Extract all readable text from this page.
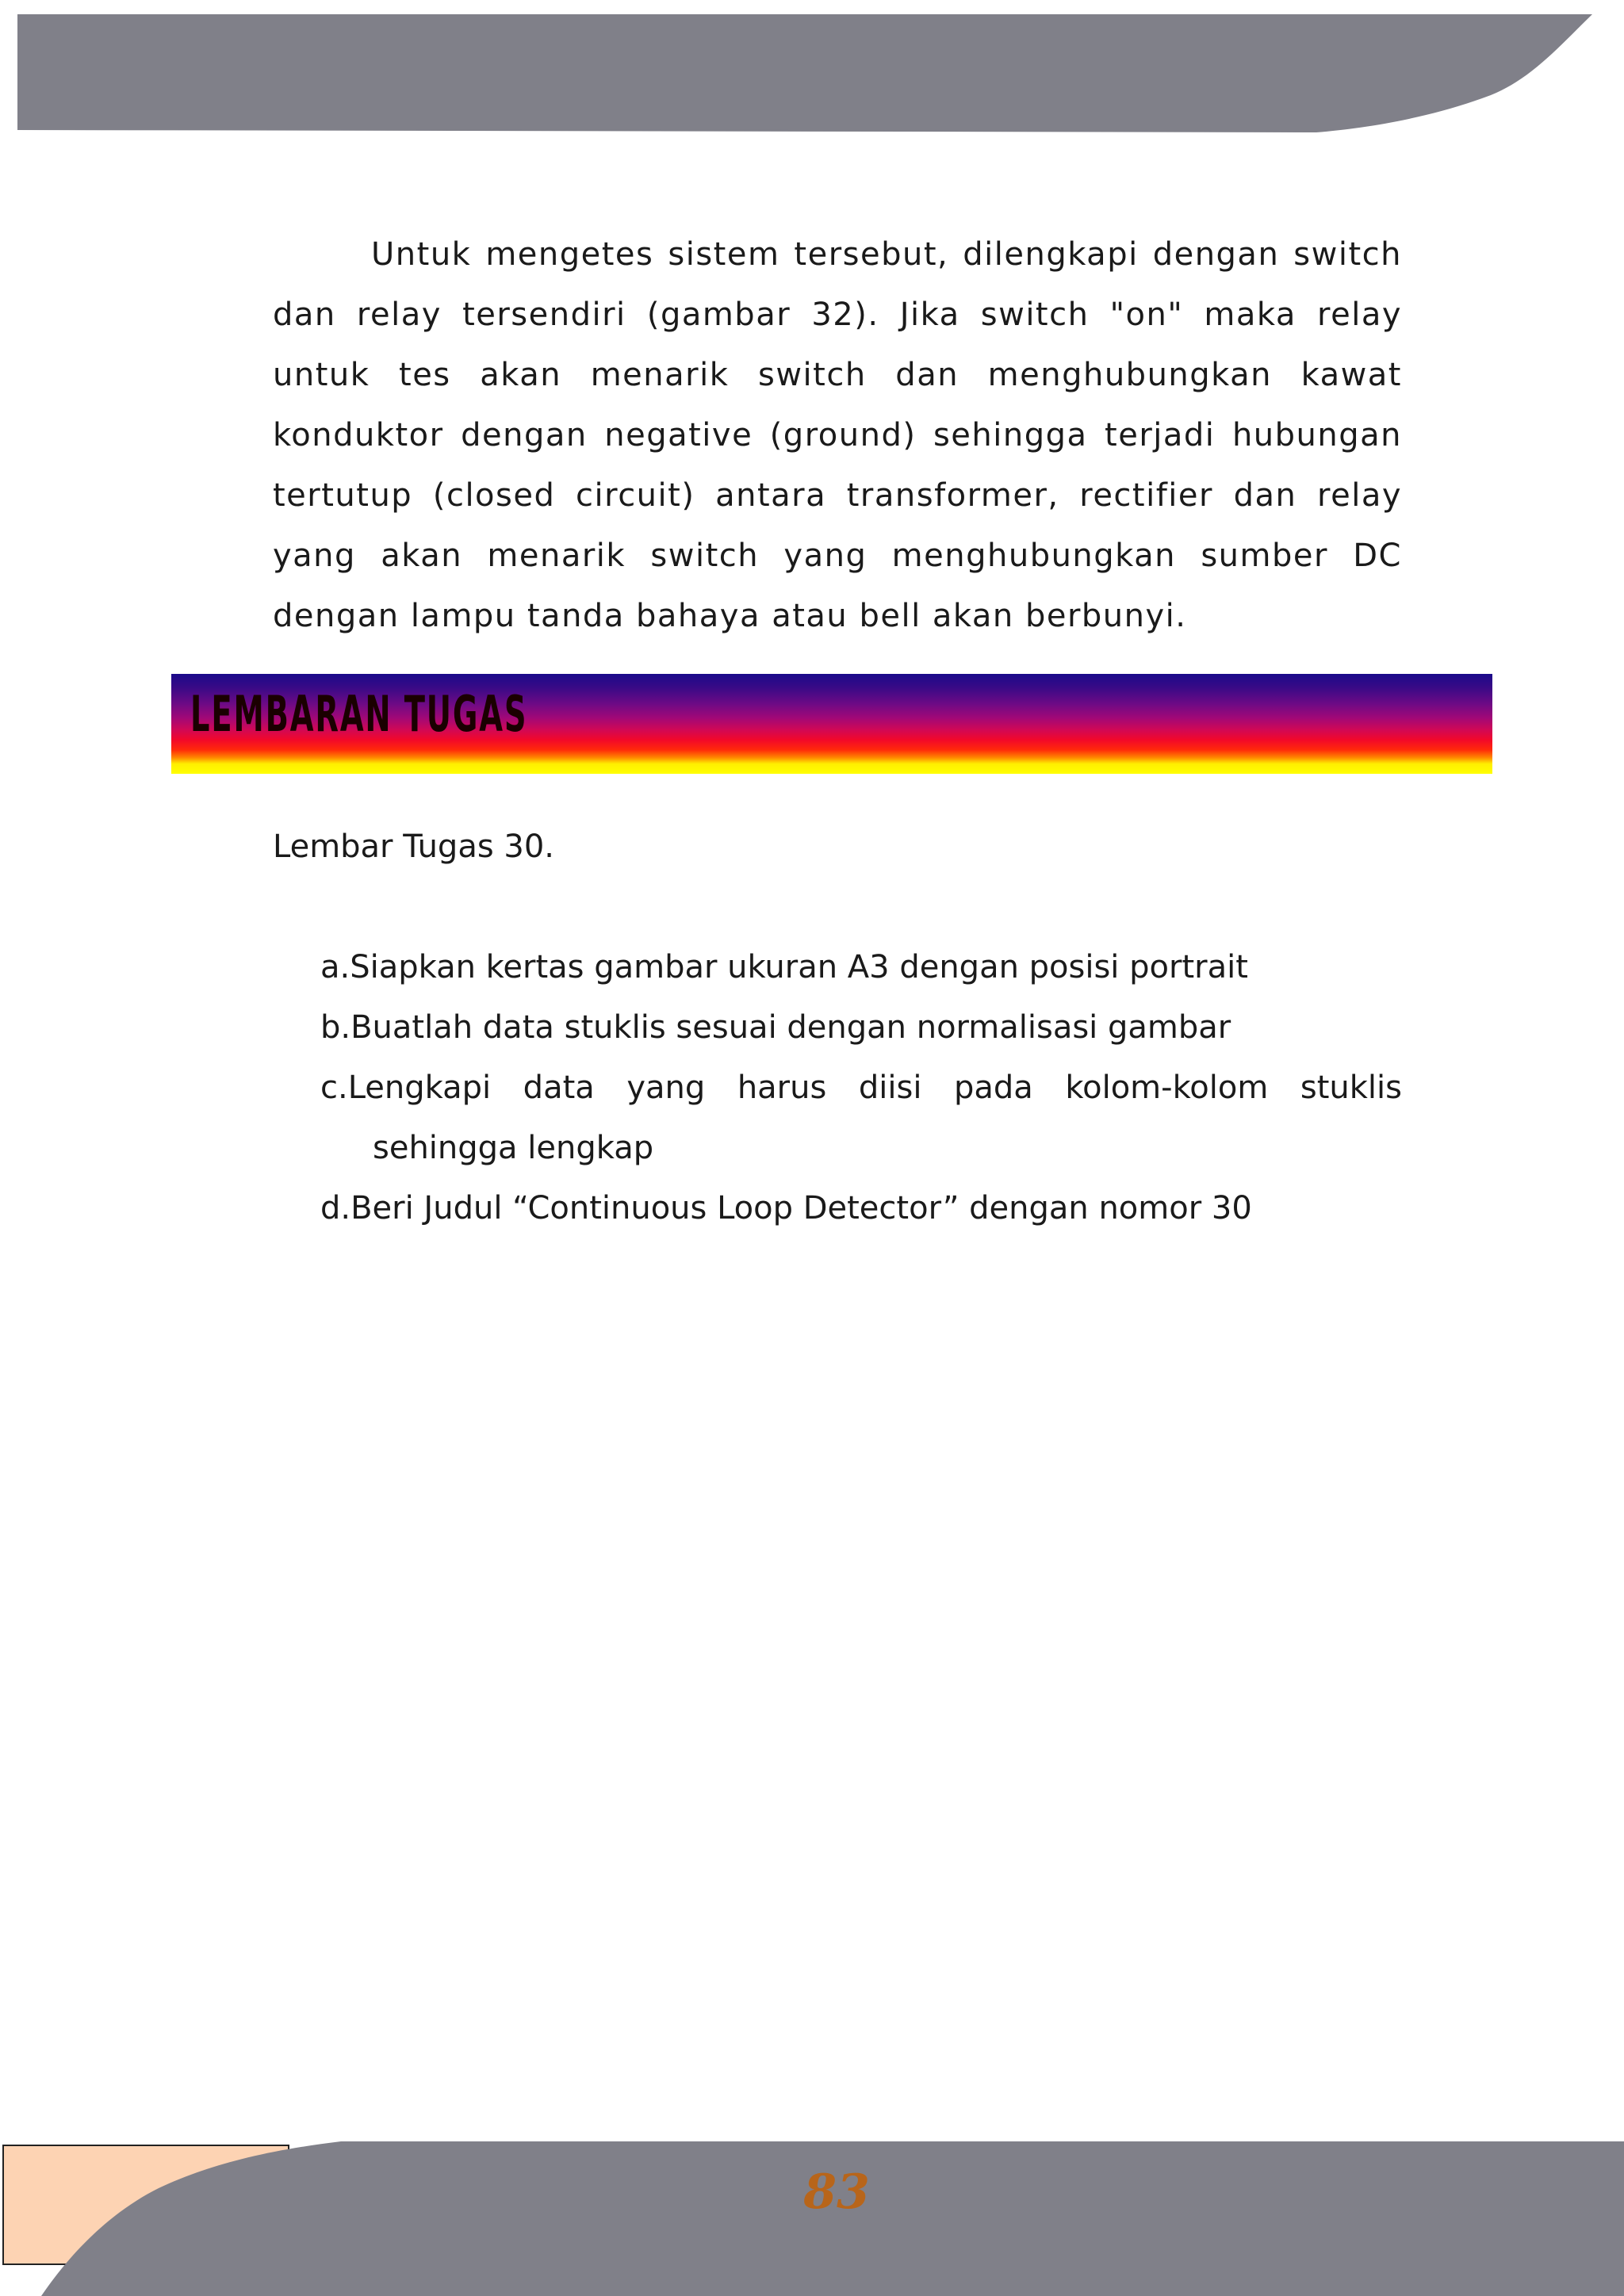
Untuk mengetes sistem tersebut, dilengkapi dengan switch dan relay tersendiri (gambar 32). Jika switch "on" maka relay untuk tes akan menarik switch dan menghubungkan kawat konduktor dengan negative (ground) sehingga terjadi hubungan tertutup (closed circuit) antara transformer, rectifier dan relay yang akan menarik switch yang menghubungkan sumber DC dengan lampu tanda bahaya atau bell akan berbunyi.

LEMBARAN TUGAS

Lembar Tugas 30.

a.Siapkan kertas gambar ukuran A3 dengan posisi portrait
b.Buatlah data stuklis sesuai dengan normalisasi gambar
c.Lengkapi data yang harus diisi pada kolom-kolom stuklis sehingga lengkap
d.Beri Judul “Continuous Loop Detector” dengan nomor 30
83
